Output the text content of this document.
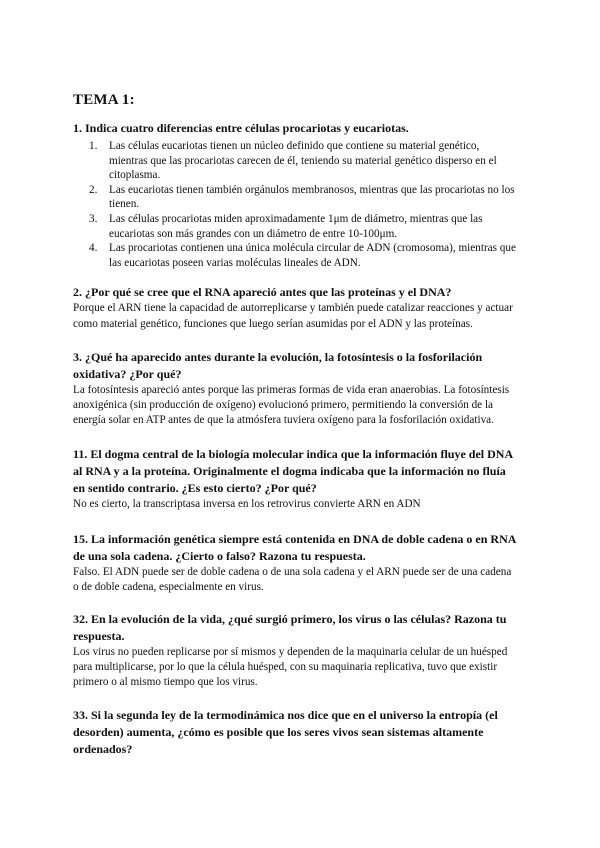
TEMA 1:

1. Indica cuatro diferencias entre células procariotas y eucariotas.

1. Las células eucariotas tienen un núcleo definido que contiene su material genético, mientras que las procariotas carecen de él, teniendo su material genético disperso en el citoplasma.
2. Las eucariotas tienen también orgánulos membranosos, mientras que las procariotas no los tienen.
3. Las células procariotas miden aproximadamente 1μm de diámetro, mientras que las eucariotas son más grandes con un diámetro de entre 10-100μm.
4. Las procariotas contienen una única molécula circular de ADN (cromosoma), mientras que las eucariotas poseen varias moléculas lineales de ADN.

2. ¿Por qué se cree que el RNA apareció antes que las proteínas y el DNA?

Porque el ARN tiene la capacidad de autorreplicarse y también puede catalizar reacciones y actuar como material genético, funciones que luego serían asumidas por el ADN y las proteínas.

3. ¿Qué ha aparecido antes durante la evolución, la fotosíntesis o la fosforilación oxidativa? ¿Por qué?

La fotosíntesis apareció antes porque las primeras formas de vida eran anaerobias. La fotosíntesis anoxigénica (sin producción de oxígeno) evolucionó primero, permitiendo la conversión de la energía solar en ATP antes de que la atmósfera tuviera oxígeno para la fosforilación oxidativa.

11. El dogma central de la biología molecular indica que la información fluye del DNA al RNA y a la proteína. Originalmente el dogma indicaba que la información no fluía en sentido contrario. ¿Es esto cierto? ¿Por qué?

No es cierto, la transcriptasa inversa en los retrovirus convierte ARN en ADN

15. La información genética siempre está contenida en DNA de doble cadena o en RNA de una sola cadena. ¿Cierto o falso? Razona tu respuesta.

Falso. El ADN puede ser de doble cadena o de una sola cadena y el ARN puede ser de una cadena o de doble cadena, especialmente en virus.

32. En la evolución de la vida, ¿qué surgió primero, los virus o las células? Razona tu respuesta.

Los virus no pueden replicarse por sí mismos y dependen de la maquinaria celular de un huésped para multiplicarse, por lo que la célula huésped, con su maquinaria replicativa, tuvo que existir primero o al mismo tiempo que los virus.

33. Si la segunda ley de la termodinámica nos dice que en el universo la entropía (el desorden) aumenta, ¿cómo es posible que los seres vivos sean sistemas altamente ordenados?
